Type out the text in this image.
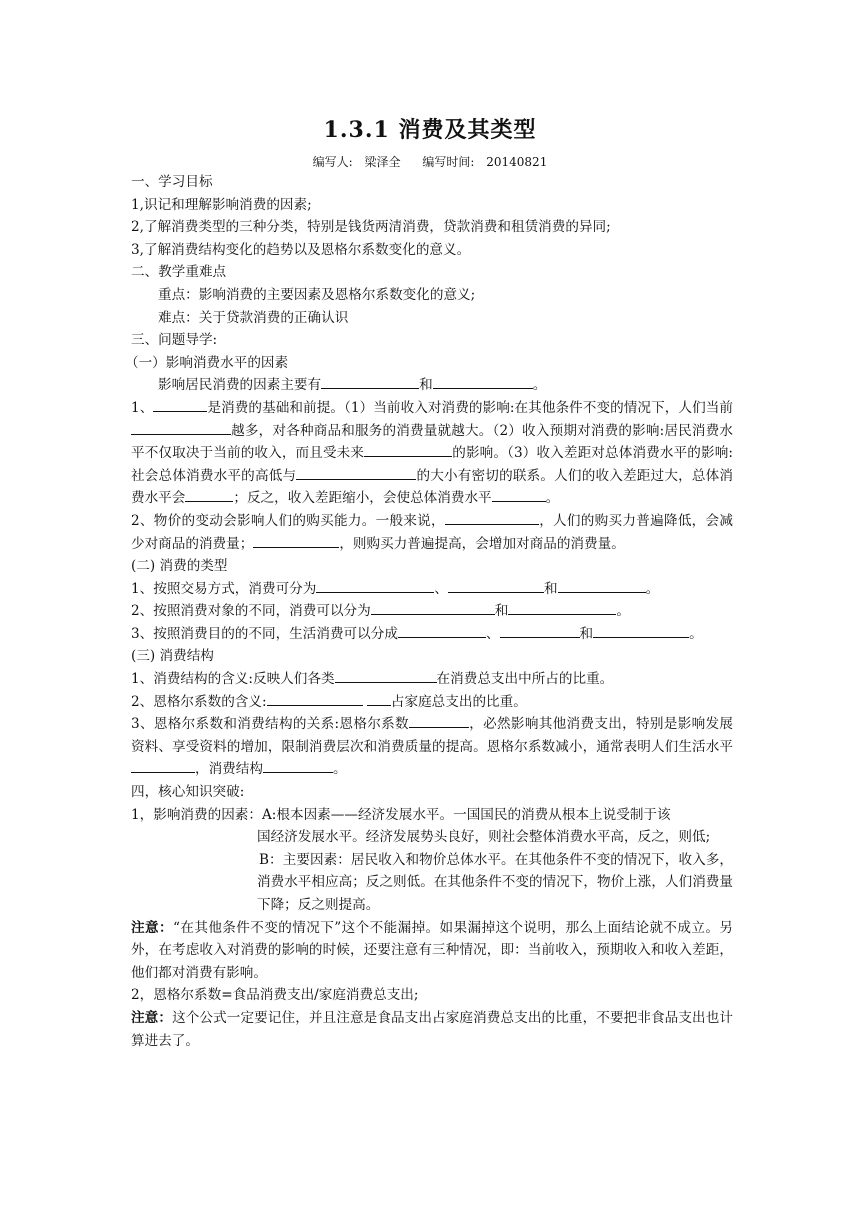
1.3.1 消费及其类型
编写人: 梁泽全 编写时间: 20140821

一、学习目标

1,识记和理解影响消费的因素;

2,了解消费类型的三种分类，特别是钱货两清消费，贷款消费和租赁消费的异同;

3,了解消费结构变化的趋势以及恩格尔系数变化的意义。

二、教学重难点

重点：影响消费的主要因素及恩格尔系数变化的意义;

难点：关于贷款消费的正确认识

三、问题导学:

（一）影响消费水平的因素

影响居民消费的因素主要有	和	。

1、	是消费的基础和前提。（1）当前收入对消费的影响:在其他条件不变的情况下，人们当前越多，对各种商品和服务的消费量就越大。（2）收入预期对消费的影响:居民消费水平不仅取决于当前的收入，而且受未来	的影响。（3）收入差距对总体消费水平的影响:社会总体消费水平的高低与	的大小有密切的联系。人们的收入差距过大，总体消费水平会	；反之，收入差距缩小，会使总体消费水平	。

2、物价的变动会影响人们的购买能力。一般来说，	，人们的购买力普遍降低，会减少对商品的消费量；	，则购买力普遍提高，会增加对商品的消费量。

(二) 消费的类型

1、按照交易方式，消费可分为	、	和	。

2、按照消费对象的不同，消费可以分为	和	。

3、按照消费目的的不同，生活消费可以分成	、	和	。

(三) 消费结构

1、消费结构的含义:反映人们各类	在消费总支出中所占的比重。

2、恩格尔系数的含义:	占家庭总支出的比重。

3、恩格尔系数和消费结构的关系:恩格尔系数	，必然影响其他消费支出，特别是影响发展资料、享受资料的增加，限制消费层次和消费质量的提高。恩格尔系数减小，通常表明人们生活水平，消费结构	。

四，核心知识突破:

1，影响消费的因素：A:根本因素——经济发展水平。一国国民的消费从根本上说受制于该

国经济发展水平。经济发展势头良好，则社会整体消费水平高，反之，则低;

B：主要因素：居民收入和物价总体水平。在其他条件不变的情况下，收入多，消费水平相应高；反之则低。在其他条件不变的情况下，物价上涨，人们消费量下降；反之则提高。

注意：“在其他条件不变的情况下”这个不能漏掉。如果漏掉这个说明，那么上面结论就不成立。另外，在考虑收入对消费的影响的时候，还要注意有三种情况，即：当前收入，预期收入和收入差距，他们都对消费有影响。

2，恩格尔系数=食品消费支出/家庭消费总支出;

注意：这个公式一定要记住，并且注意是食品支出占家庭消费总支出的比重，不要把非食品支出也计算进去了。
